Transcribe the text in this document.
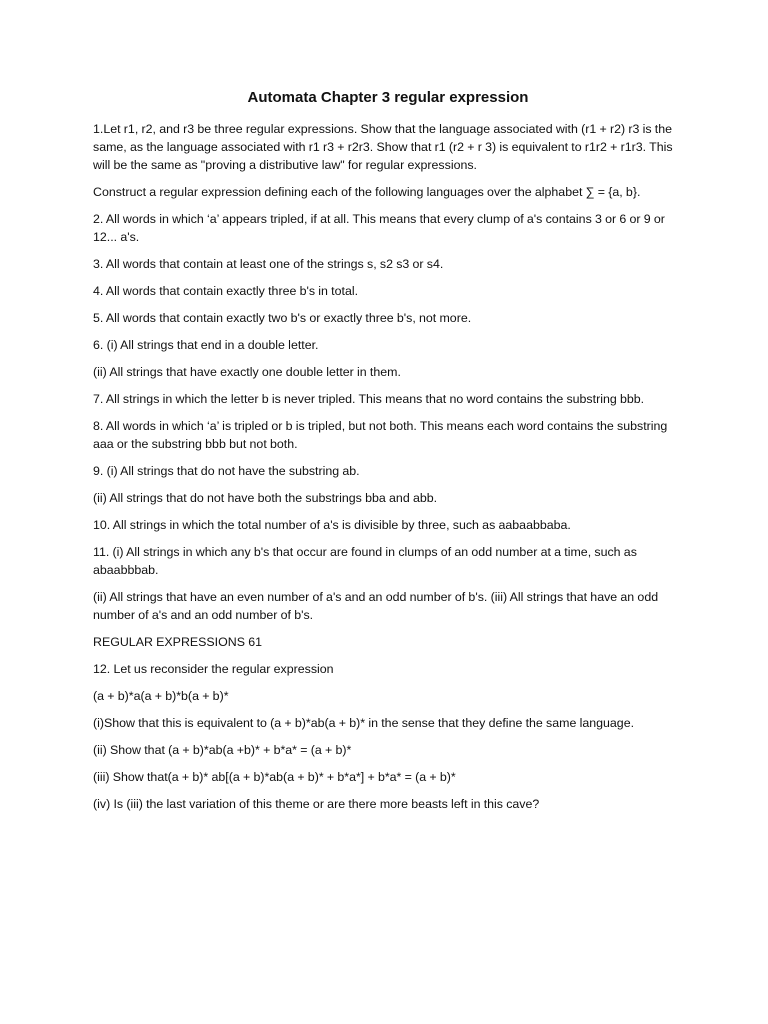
Automata Chapter 3 regular expression

1.Let r1, r2, and r3 be three regular expressions. Show that the language associated with (r1 + r2) r3 is the same, as the language associated with r1 r3 + r2r3. Show that r1 (r2 + r 3) is equivalent to r1r2 + r1r3. This will be the same as "proving a distributive law" for regular expressions.

Construct a regular expression defining each of the following languages over the alphabet ∑ = {a, b}.

2. All words in which ‘a’ appears tripled, if at all. This means that every clump of a's contains 3 or 6 or 9 or 12... a's.

3. All words that contain at least one of the strings s, s2 s3 or s4.

4. All words that contain exactly three b's in total.

5. All words that contain exactly two b's or exactly three b's, not more.

6. (i) All strings that end in a double letter.

(ii) All strings that have exactly one double letter in them.

7. All strings in which the letter b is never tripled. This means that no word contains the substring bbb.

8. All words in which ‘a’ is tripled or b is tripled, but not both. This means each word contains the substring aaa or the substring bbb but not both.

9. (i) All strings that do not have the substring ab.

(ii) All strings that do not have both the substrings bba and abb.

10. All strings in which the total number of a's is divisible by three, such as aabaabbaba.

11. (i) All strings in which any b's that occur are found in clumps of an odd number at a time, such as abaabbbab.

(ii) All strings that have an even number of a's and an odd number of b's. (iii) All strings that have an odd number of a's and an odd number of b's.

REGULAR EXPRESSIONS 61

12. Let us reconsider the regular expression

(a + b)*a(a + b)*b(a + b)*

(i)Show that this is equivalent to (a + b)*ab(a + b)* in the sense that they define the same language.

(ii) Show that (a + b)*ab(a +b)* + b*a* = (a + b)*

(iii) Show that(a + b)* ab[(a + b)*ab(a + b)* + b*a*] + b*a* = (a + b)*

(iv) Is (iii) the last variation of this theme or are there more beasts left in this cave?
